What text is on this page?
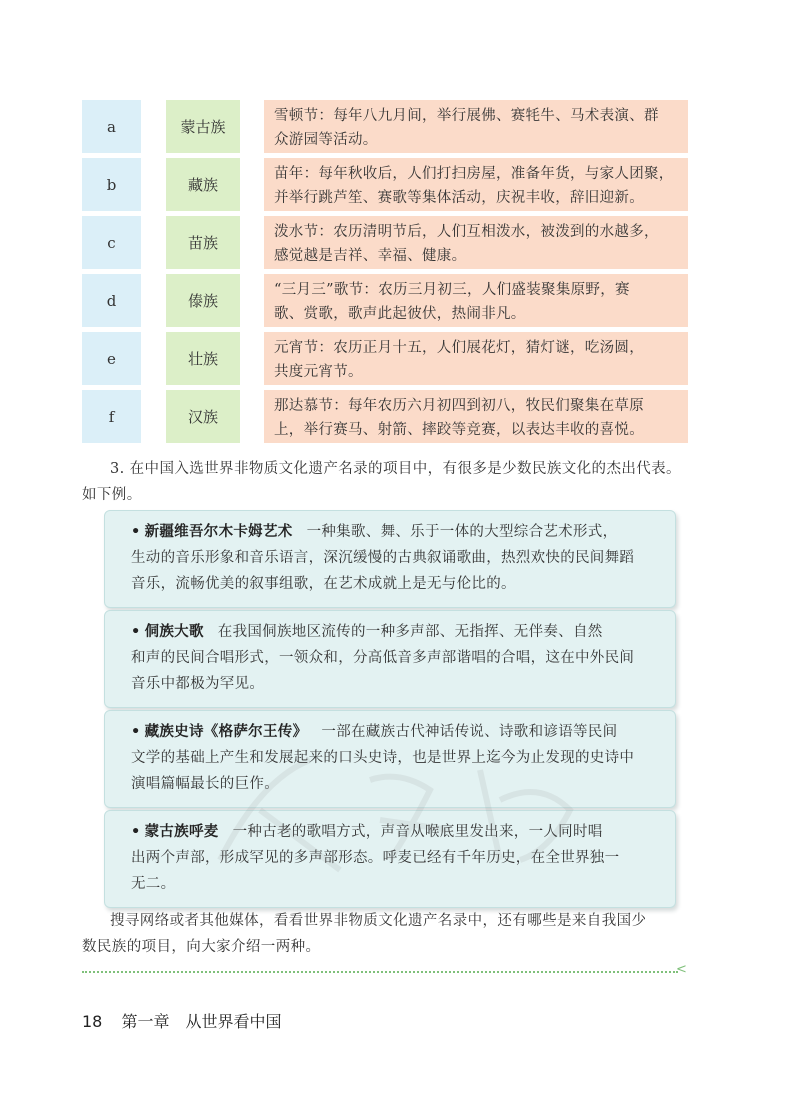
a	蒙古族
雪顿节：每年八九月间，举行展佛、赛牦牛、马术表演、群
众游园等活动。
b	藏族
苗年：每年秋收后，人们打扫房屋，准备年货，与家人团聚，
并举行跳芦笙、赛歌等集体活动，庆祝丰收，辞旧迎新。
c	苗族
泼水节：农历清明节后，人们互相泼水，被泼到的水越多，
感觉越是吉祥、幸福、健康。
d	傣族
“三月三”歌节：农历三月初三，人们盛装聚集原野，赛
歌、赏歌，歌声此起彼伏，热闹非凡。
e	壮族
元宵节：农历正月十五，人们展花灯，猜灯谜，吃汤圆，
共度元宵节。
f	汉族
那达慕节：每年农历六月初四到初八，牧民们聚集在草原
上，举行赛马、射箭、摔跤等竞赛，以表达丰收的喜悦。
3. 在中国入选世界非物质文化遗产名录的项目中，有很多是少数民族文化的杰出代表。
如下例。
• 新疆维吾尔木卡姆艺术 一种集歌、舞、乐于一体的大型综合艺术形式，
生动的音乐形象和音乐语言，深沉缓慢的古典叙诵歌曲，热烈欢快的民间舞蹈
音乐，流畅优美的叙事组歌，在艺术成就上是无与伦比的。
• 侗族大歌 在我国侗族地区流传的一种多声部、无指挥、无伴奏、自然
和声的民间合唱形式，一领众和，分高低音多声部谐唱的合唱，这在中外民间
音乐中都极为罕见。
• 藏族史诗《格萨尔王传》 一部在藏族古代神话传说、诗歌和谚语等民间
文学的基础上产生和发展起来的口头史诗，也是世界上迄今为止发现的史诗中
演唱篇幅最长的巨作。
• 蒙古族呼麦 一种古老的歌唱方式，声音从喉底里发出来，一人同时唱
出两个声部，形成罕见的多声部形态。呼麦已经有千年历史，在全世界独一
无二。
搜寻网络或者其他媒体，看看世界非物质文化遗产名录中，还有哪些是来自我国少
数民族的项目，向大家介绍一两种。
<
18 第一章　从世界看中国
